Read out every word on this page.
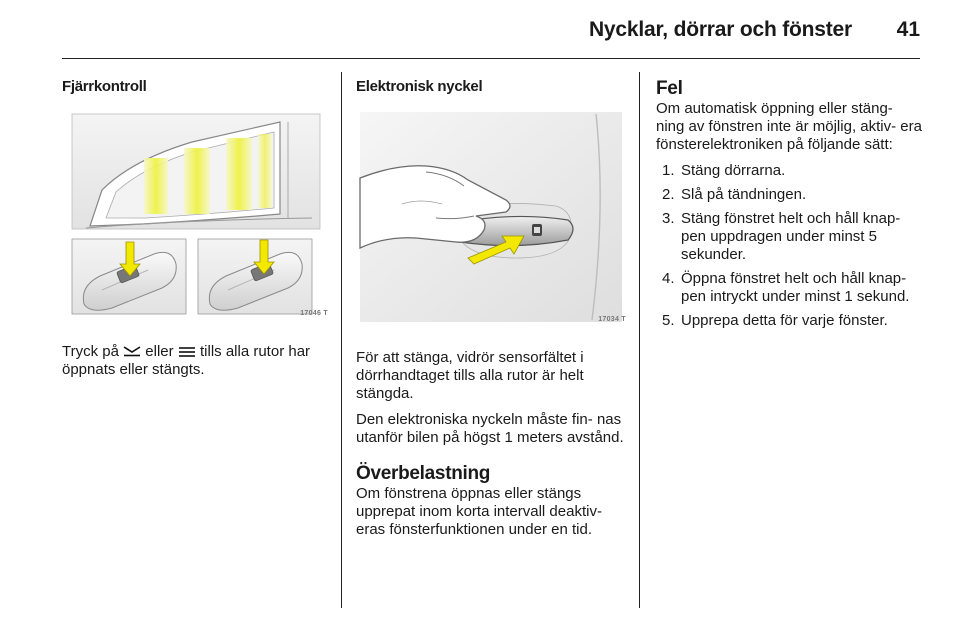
Nycklar, dörrar och fönster 41
Fjärrkontroll
17046 T

Tryck på eller tills alla rutor har öppnats eller stängts.

Elektronisk nyckel
17034 T

För att stänga, vidrör sensorfältet i dörrhandtaget tills alla rutor är helt stängda.

Den elektroniska nyckeln måste fin- nas utanför bilen på högst 1 meters avstånd.

Överbelastning

Om fönstrena öppnas eller stängs upprepat inom korta intervall deaktiv- eras fönsterfunktionen under en tid.

Fel

Om automatisk öppning eller stäng- ning av fönstren inte är möjlig, aktiv- era fönsterelektroniken på följande sätt:

1. Stäng dörrarna.
2. Slå på tändningen.
3. Stäng fönstret helt och håll knap- pen uppdragen under minst 5 sekunder.
4. Öppna fönstret helt och håll knap- pen intryckt under minst 1 sekund.
5. Upprepa detta för varje fönster.
